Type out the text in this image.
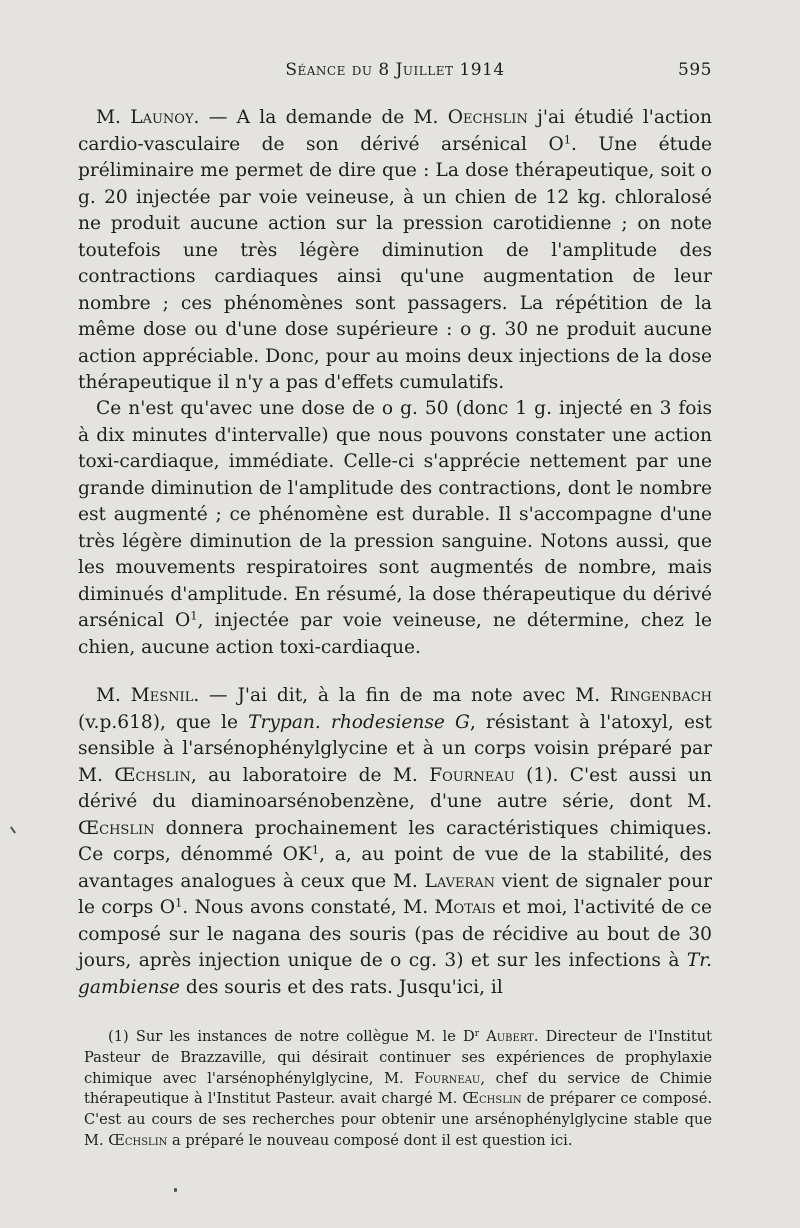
Séance du 8 Juillet 1914	595

M. Launoy. — A la demande de M. Oechslin j'ai étudié l'action cardio-vasculaire de son dérivé arsénical $O^1$. Une étude préliminaire me permet de dire que : La dose thérapeutique, soit o g. 20 injectée par voie veineuse, à un chien de 12 kg. chloralosé ne produit aucune action sur la pression carotidienne ; on note toutefois une très légère diminution de l'amplitude des contractions cardiaques ainsi qu'une augmentation de leur nombre ; ces phénomènes sont passagers. La répétition de la même dose ou d'une dose supérieure : o g. 30 ne produit aucune action appréciable. Donc, pour au moins deux injections de la dose thérapeutique il n'y a pas d'effets cumulatifs.

Ce n'est qu'avec une dose de o g. 50 (donc 1 g. injecté en 3 fois à dix minutes d'intervalle) que nous pouvons constater une action toxi-cardiaque, immédiate. Celle-ci s'apprécie nettement par une grande diminution de l'amplitude des contractions, dont le nombre est augmenté ; ce phénomène est durable. Il s'accompagne d'une très légère diminution de la pression sanguine. Notons aussi, que les mouvements respiratoires sont augmentés de nombre, mais diminués d'amplitude. En résumé, la dose thérapeutique du dérivé arsénical $O^1$, injectée par voie veineuse, ne détermine, chez le chien, aucune action toxi-cardiaque.

M. Mesnil. — J'ai dit, à la fin de ma note avec M. Ringenbach (v.p.618), que le Trypan. rhodesiense G, résistant à l'atoxyl, est sensible à l'arsénophénylglycine et à un corps voisin préparé par M. Œchslin, au laboratoire de M. Fourneau (1). C'est aussi un dérivé du diaminoarsénobenzène, d'une autre série, dont M. Œchslin donnera prochainement les caractéristiques chimiques. Ce corps, dénommé $OK^1$, a, au point de vue de la stabilité, des avantages analogues à ceux que M. Laveran vient de signaler pour le corps $O^1$. Nous avons constaté, M. Motais et moi, l'activité de ce composé sur le nagana des souris (pas de récidive au bout de 30 jours, après injection unique de o cg. 3) et sur les infections à Tr. gambiense des souris et des rats. Jusqu'ici, il

(1) Sur les instances de notre collègue M. le $D^r$ Aubert. Directeur de l'Institut Pasteur de Brazzaville, qui désirait continuer ses expériences de prophylaxie chimique avec l'arsénophénylglycine, M. Fourneau, chef du service de Chimie thérapeutique à l'Institut Pasteur. avait chargé M. Œchslin de préparer ce composé. C'est au cours de ses recherches pour obtenir une arsénophénylglycine stable que M. Œchslin a préparé le nouveau composé dont il est question ici.
